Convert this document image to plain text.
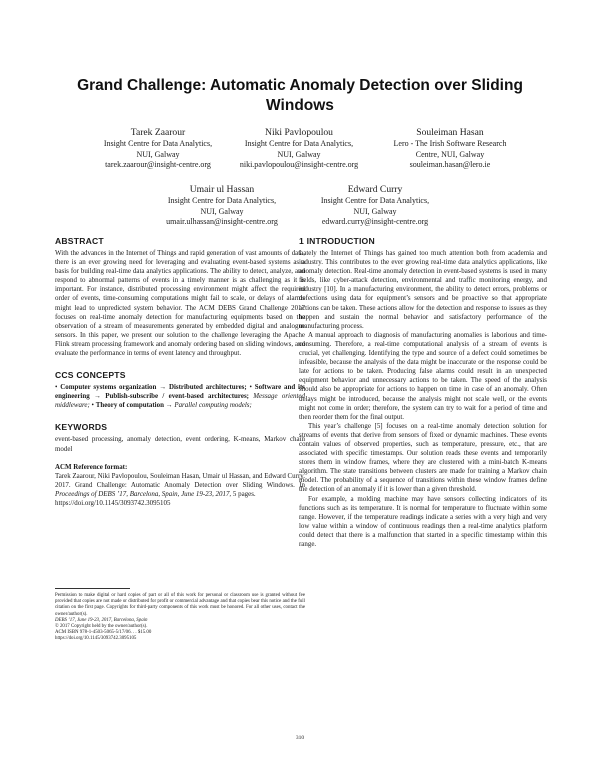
Grand Challenge: Automatic Anomaly Detection over Sliding Windows
Tarek Zaarour
Insight Centre for Data Analytics,
NUI, Galway
tarek.zaarour@insight-centre.org
Niki Pavlopoulou
Insight Centre for Data Analytics,
NUI, Galway
niki.pavlopoulou@insight-centre.org
Souleiman Hasan
Lero - The Irish Software Research
Centre, NUI, Galway
souleiman.hasan@lero.ie
Umair ul Hassan
Insight Centre for Data Analytics,
NUI, Galway
umair.ulhassan@insight-centre.org
Edward Curry
Insight Centre for Data Analytics,
NUI, Galway
edward.curry@insight-centre.org
ABSTRACT

With the advances in the Internet of Things and rapid generation of vast amounts of data, there is an ever growing need for leveraging and evaluating event-based systems as a basis for building real-time data analytics applications. The ability to detect, analyze, and respond to abnormal patterns of events in a timely manner is as challenging as it is important. For instance, distributed processing environment might affect the required order of events, time-consuming computations might fail to scale, or delays of alarms might lead to unpredicted system behavior. The ACM DEBS Grand Challenge 2017 focuses on real-time anomaly detection for manufacturing equipments based on the observation of a stream of measurements generated by embedded digital and analogue sensors. In this paper, we present our solution to the challenge leveraging the Apache Flink stream processing framework and anomaly ordering based on sliding windows, and evaluate the performance in terms of event latency and throughput.

CCS CONCEPTS

• Computer systems organization → Distributed architectures; • Software and its engineering → Publish-subscribe / event-based architectures; Message oriented middleware; • Theory of computation → Parallel computing models;

KEYWORDS

event-based processing, anomaly detection, event ordering, K-means, Markov chain model

ACM Reference format:

Tarek Zaarour, Niki Pavlopoulou, Souleiman Hasan, Umair ul Hassan, and Edward Curry. 2017. Grand Challenge: Automatic Anomaly Detection over Sliding Windows. In Proceedings of DEBS ’17, Barcelona, Spain, June 19-23, 2017, 5 pages.
https://doi.org/10.1145/3093742.3095105

Permission to make digital or hard copies of part or all of this work for personal or classroom use is granted without fee provided that copies are not made or distributed for profit or commercial advantage and that copies bear this notice and the full citation on the first page. Copyrights for third-party components of this work must be honored. For all other uses, contact the owner/author(s).

DEBS ’17, June 19-23, 2017, Barcelona, Spain

© 2017 Copyright held by the owner/author(s).

ACM ISBN 978-1-4503-5065-5/17/06. . . $15.00

https://doi.org/10.1145/3093742.3095105

1 INTRODUCTION

Lately the Internet of Things has gained too much attention both from academia and industry. This contributes to the ever growing real-time data analytics applications, like anomaly detection. Real-time anomaly detection in event-based systems is used in many fields, like cyber-attack detection, environmental and traffic monitoring energy, and industry [10]. In a manufacturing environment, the ability to detect errors, problems or defections using data for equipment’s sensors and be proactive so that appropriate actions can be taken. These actions allow for the detection and response to issues as they happen and sustain the normal behavior and satisfactory performance of the manufacturing process.

A manual approach to diagnosis of manufacturing anomalies is laborious and time-consuming. Therefore, a real-time computational analysis of a stream of events is crucial, yet challenging. Identifying the type and source of a defect could sometimes be infeasible, because the analysis of the data might be inaccurate or the response could be late for actions to be taken. Producing false alarms could result in an unexpected equipment behavior and unnecessary actions to be taken. The speed of the analysis should also be appropriate for actions to happen on time in case of an anomaly. Often delays might be introduced, because the analysis might not scale well, or the events might not come in order; therefore, the system can try to wait for a period of time and then reorder them for the final output.

This year’s challenge [5] focuses on a real-time anomaly detection solution for streams of events that derive from sensors of fixed or dynamic machines. These events contain values of observed properties, such as temperature, pressure, etc., that are associated with specific timestamps. Our solution reads these events and temporarily stores them in window frames, where they are clustered with a mini-batch K-means algorithm. The state transitions between clusters are made for training a Markov chain model. The probability of a sequence of transitions within these window frames define the detection of an anomaly if it is lower than a given threshold.

For example, a molding machine may have sensors collecting indicators of its functions such as its temperature. It is normal for temperature to fluctuate within some range. However, if the temperature readings indicate a series with a very high and very low value within a window of continuous readings then a real-time analytics platform could detect that there is a malfunction that started in a specific timestamp within this range.

310
